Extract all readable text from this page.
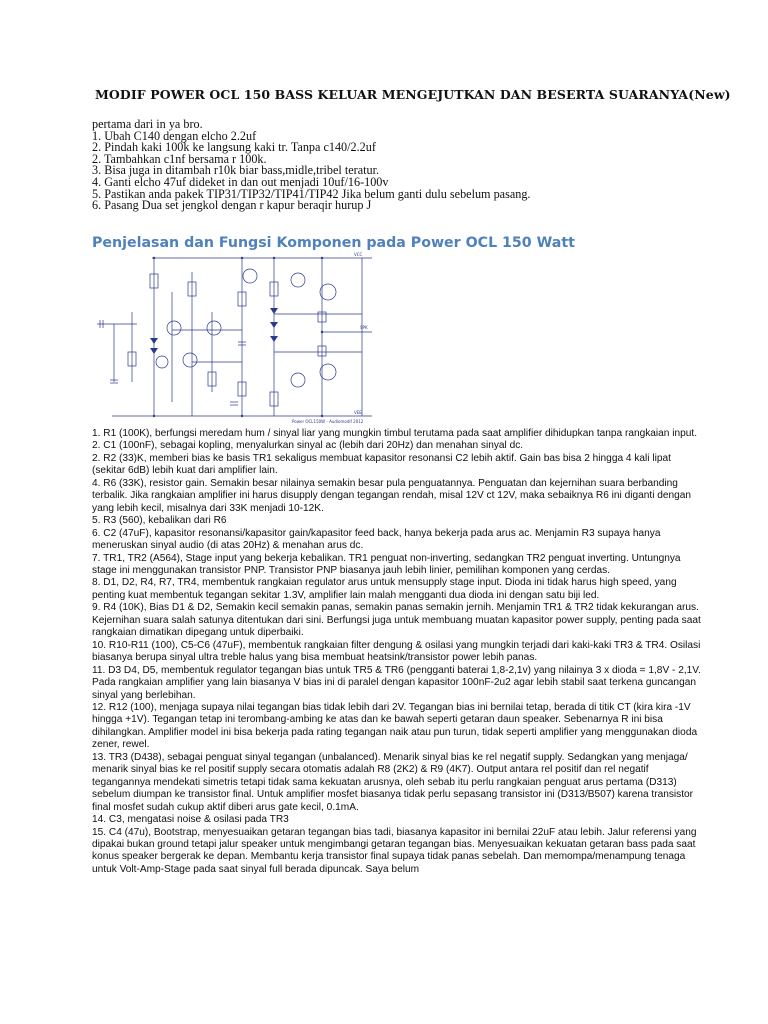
MODIF POWER OCL 150 BASS KELUAR MENGEJUTKAN DAN BESERTA SUARANYA(New)
pertama dari in ya bro.
1. Ubah C140 dengan elcho 2.2uf
2. Pindah kaki 100k ke langsung kaki tr. Tanpa c140/2.2uf
2. Tambahkan c1nf bersama r 100k.
3. Bisa juga in ditambah r10k biar bass,midle,tribel teratur.
4. Ganti elcho 47uf dideket in dan out menjadi 10uf/16-100v
5. Pastikan anda pakek TIP31/TIP32/TIP41/TIP42 Jika belum ganti dulu sebelum pasang.
6. Pasang Dua set jengkol dengan r kapur beraqir hurup J
Penjelasan dan Fungsi Komponen pada Power OCL 150 Watt
VCC
VEE
SPK
Power OCL150W - Audiomodif 2012
1. R1 (100K), berfungsi meredam hum / sinyal liar yang mungkin timbul terutama pada saat amplifier dihidupkan tanpa rangkaian input.
2. C1 (100nF), sebagai kopling, menyalurkan sinyal ac (lebih dari 20Hz) dan menahan sinyal dc.
2. R2 (33)K, memberi bias ke basis TR1 sekaligus membuat kapasitor resonansi C2 lebih aktif. Gain bas bisa 2 hingga 4 kali lipat (sekitar 6dB) lebih kuat dari amplifier lain.
4. R6 (33K), resistor gain. Semakin besar nilainya semakin besar pula penguatannya. Penguatan dan kejernihan suara berbanding terbalik. Jika rangkaian amplifier ini harus disupply dengan tegangan rendah, misal 12V ct 12V, maka sebaiknya R6 ini diganti dengan yang lebih kecil, misalnya dari 33K menjadi 10-12K.
5. R3 (560), kebalikan dari R6
6. C2 (47uF), kapasitor resonansi/kapasitor gain/kapasitor feed back, hanya bekerja pada arus ac. Menjamin R3 supaya hanya meneruskan sinyal audio (di atas 20Hz) & menahan arus dc.
7. TR1, TR2 (A564), Stage input yang bekerja kebalikan. TR1 penguat non-inverting, sedangkan TR2 penguat inverting. Untungnya stage ini menggunakan transistor PNP. Transistor PNP biasanya jauh lebih linier, pemilihan komponen yang cerdas.
8. D1, D2, R4, R7, TR4, membentuk rangkaian regulator arus untuk mensupply stage input. Dioda ini tidak harus high speed, yang penting kuat membentuk tegangan sekitar 1.3V, amplifier lain malah mengganti dua dioda ini dengan satu biji led.
9. R4 (10K), Bias D1 & D2, Semakin kecil semakin panas, semakin panas semakin jernih. Menjamin TR1 & TR2 tidak kekurangan arus. Kejernihan suara salah satunya ditentukan dari sini. Berfungsi juga untuk membuang muatan kapasitor power supply, penting pada saat rangkaian dimatikan dipegang untuk diperbaiki.
10. R10-R11 (100), C5-C6 (47uF), membentuk rangkaian filter dengung & osilasi yang mungkin terjadi dari kaki-kaki TR3 & TR4. Osilasi biasanya berupa sinyal ultra treble halus yang bisa membuat heatsink/transistor power lebih panas.
11. D3 D4, D5, membentuk regulator tegangan bias untuk TR5 & TR6 (pengganti baterai 1,8-2,1v) yang nilainya 3 x dioda = 1,8V - 2,1V. Pada rangkaian amplifier yang lain biasanya V bias ini di paralel dengan kapasitor 100nF-2u2 agar lebih stabil saat terkena guncangan sinyal yang berlebihan.
12. R12 (100), menjaga supaya nilai tegangan bias tidak lebih dari 2V. Tegangan bias ini bernilai tetap, berada di titik CT (kira kira -1V hingga +1V). Tegangan tetap ini terombang-ambing ke atas dan ke bawah seperti getaran daun speaker. Sebenarnya R ini bisa dihilangkan. Amplifier model ini bisa bekerja pada rating tegangan naik atau pun turun, tidak seperti amplifier yang menggunakan dioda zener, rewel.
13. TR3 (D438), sebagai penguat sinyal tegangan (unbalanced). Menarik sinyal bias ke rel negatif supply. Sedangkan yang menjaga/ menarik sinyal bias ke rel positif supply secara otomatis adalah R8 (2K2) & R9 (4K7). Output antara rel positif dan rel negatif tegangannya mendekati simetris tetapi tidak sama kekuatan arusnya, oleh sebab itu perlu rangkaian penguat arus pertama (D313) sebelum diumpan ke transistor final. Untuk amplifier mosfet biasanya tidak perlu sepasang transistor ini (D313/B507) karena transistor final mosfet sudah cukup aktif diberi arus gate kecil, 0.1mA.
14. C3, mengatasi noise & osilasi pada TR3
15. C4 (47u), Bootstrap, menyesuaikan getaran tegangan bias tadi, biasanya kapasitor ini bernilai 22uF atau lebih. Jalur referensi yang dipakai bukan ground tetapi jalur speaker untuk mengimbangi getaran tegangan bias. Menyesuaikan kekuatan getaran bass pada saat konus speaker bergerak ke depan. Membantu kerja transistor final supaya tidak panas sebelah. Dan memompa/menampung tenaga untuk Volt-Amp-Stage pada saat sinyal full berada dipuncak. Saya belum
